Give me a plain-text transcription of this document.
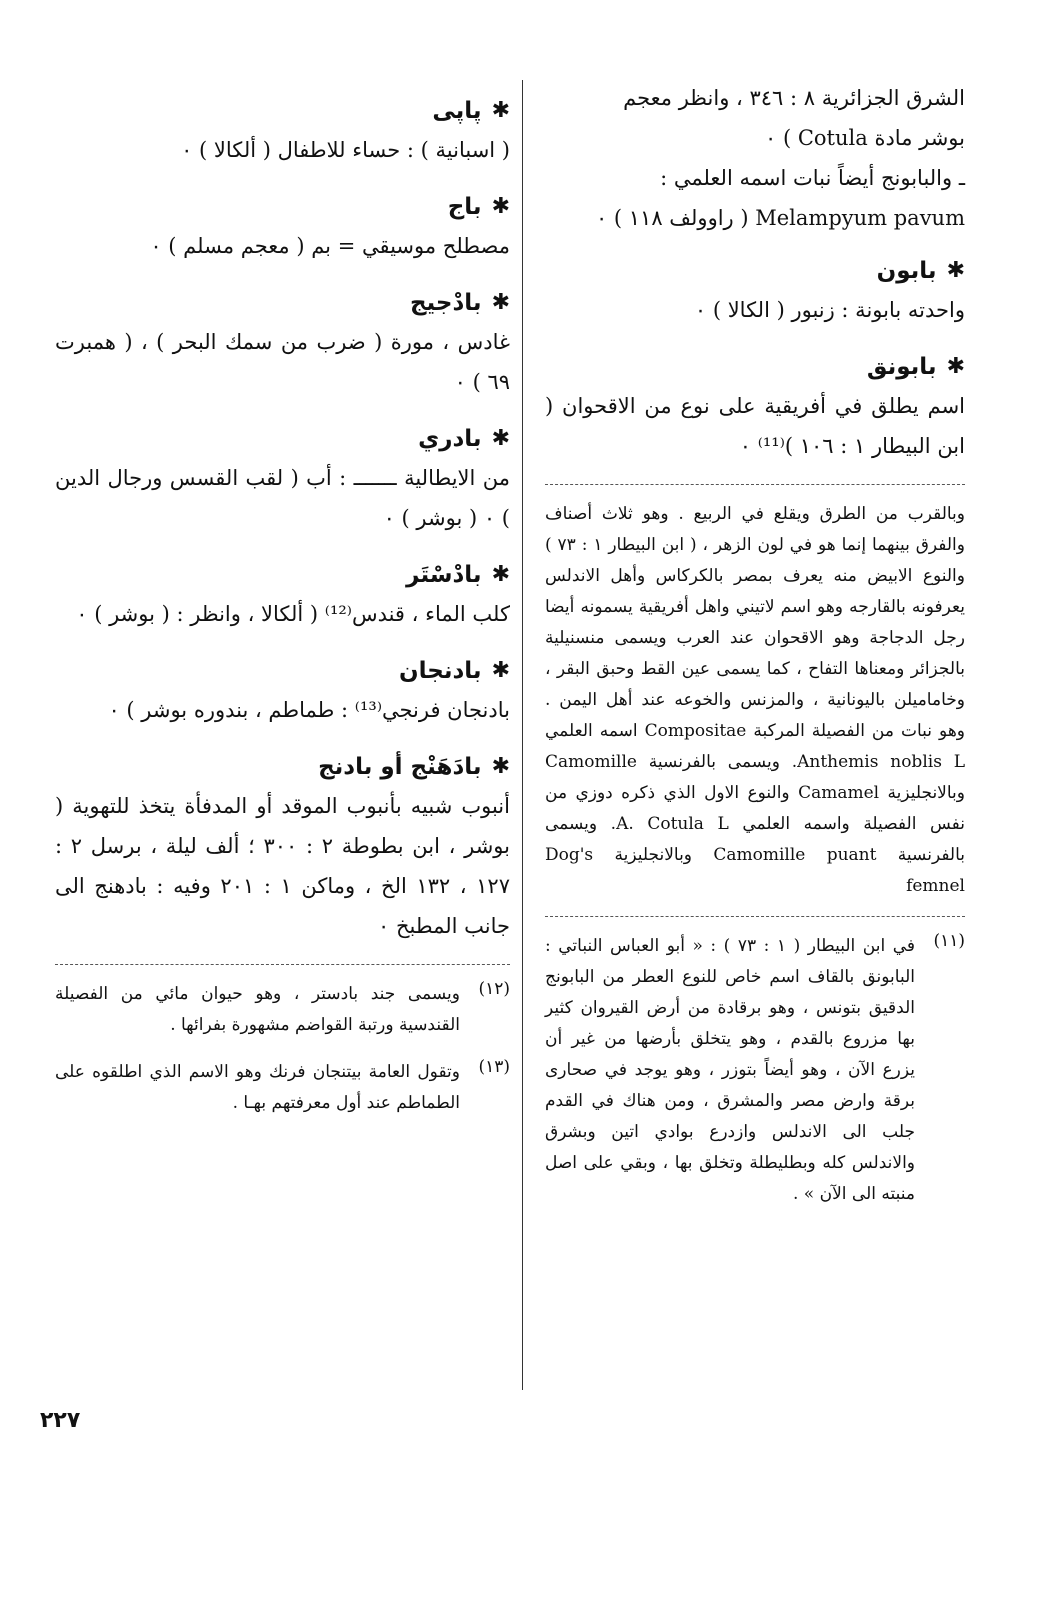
الشرق الجزائرية ٨ : ٣٤٦ ، وانظر معجم
بوشر مادة Cotula ) ٠
ـ والبابونج أيضاً نبات اسمه العلمي :
Melampyum pavum ( راوولف ١١٨ ) ٠
✱
بابون
واحدته بابونة : زنبور ( الكالا ) ٠
✱
بابونق
اسم يطلق في أفريقية على نوع من الاقحوان ( ابن البيطار ١ : ١٠٦ )⁽¹¹⁾ ٠
وبالقرب من الطرق ويقلع في الربيع . وهو ثلاث أصناف والفرق بينهما إنما هو في لون الزهر ، ( ابن البيطار ١ : ٧٣ ) والنوع الابيض منه يعرف بمصر بالكركاس وأهل الاندلس يعرفونه بالقارجه وهو اسم لاتيني واهل أفريقية يسمونه أيضا رجل الدجاجة وهو الاقحوان عند العرب ويسمى منسنيلية بالجزائر ومعناها التفاح ، كما يسمى عين القط وحبق البقر ، وخاماميلن باليونانية ، والمزنس والخوعه عند أهل اليمن . وهو نبات من الفصيلة المركبة Compositae اسمه العلمي Anthemis noblis L. ويسمى بالفرنسية Camomille وبالانجليزية Camamel والنوع الاول الذي ذكره دوزي من نفس الفصيلة واسمه العلمي A. Cotula L. ويسمى بالفرنسية Camomille puant وبالانجليزية Dog's femnel
(١١)
في ابن البيطار ( ١ : ٧٣ ) : « أبو العباس النباتي : البابونق بالقاف اسم خاص للنوع العطر من البابونج الدقيق بتونس ، وهو برقادة من أرض القيروان كثير بها مزروع بالقدم ، وهو يتخلق بأرضها من غير أن يزرع الآن ، وهو أيضاً بتوزر ، وهو يوجد في صحارى برقة وارض مصر والمشرق ، ومن هناك في القدم جلب الى الاندلس وازدرع بوادي اتين وبشرق والاندلس كله وبطليطلة وتخلق بها ، وبقي على اصل منبته الى الآن » .
✱
پاپی
( اسبانية ) : حساء للاطفال ( ألكالا ) ٠
✱
باج
مصطلح موسيقي = بم ( معجم مسلم ) ٠
✱
بادْجيج
غادس ، مورة ( ضرب من سمك البحر ) ، ( همبرت ٦٩ ) ٠
✱
بادري
من الايطالية ـــــــ : أب ( لقب القسس ورجال الدين ) ٠ ( بوشر ) ٠
✱
بادْسْتَر
كلب الماء ، قندس⁽¹²⁾ ( ألكالا ، وانظر : ( بوشر ) ٠
✱
بادنجان
بادنجان فرنجي⁽¹³⁾ : طماطم ، بندوره بوشر ) ٠
✱
بادَهَنْج أو بادنج
أنبوب شبيه بأنبوب الموقد أو المدفأة يتخذ للتهوية ( بوشر ، ابن بطوطة ٢ : ٣٠٠ ؛ ألف ليلة ، برسل ٢ : ١٢٧ ، ١٣٢ الخ ، وماكن ١ : ٢٠١ وفيه : بادهنج الى جانب المطبخ ٠
(١٢)
ويسمى جند بادستر ، وهو حيوان مائي من الفصيلة القندسية ورتبة القواضم مشهورة بفرائها .
(١٣)
وتقول العامة بيتنجان فرنك وهو الاسم الذي اطلقوه على الطماطم عند أول معرفتهم بهـا .
٢٢٧
